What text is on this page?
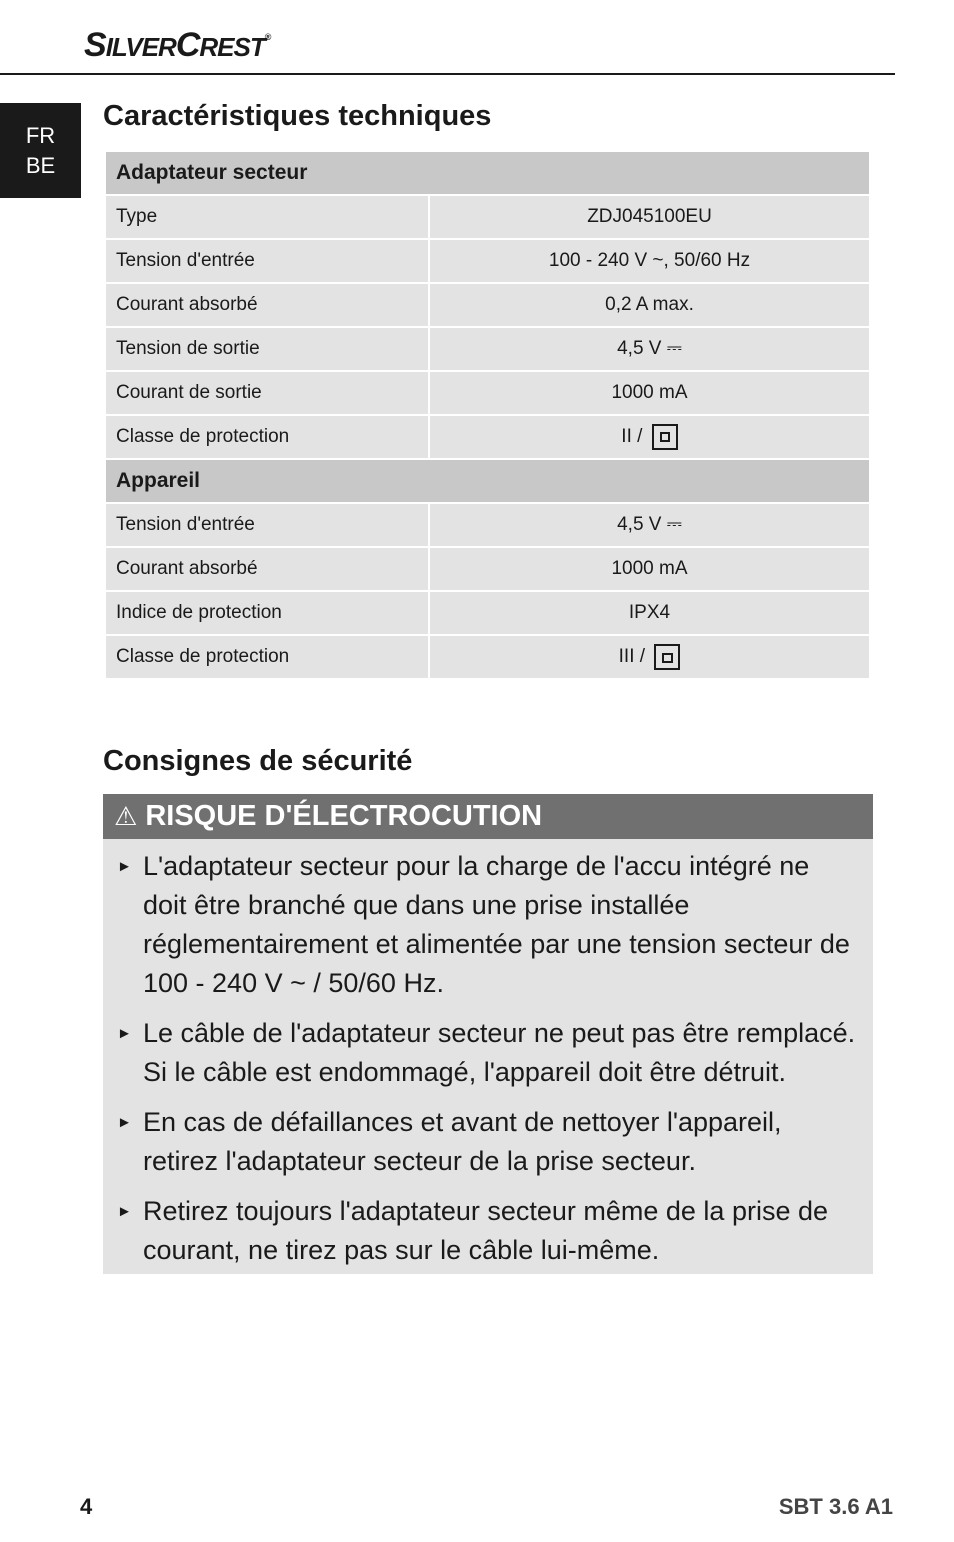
SILVERCREST®
FR
BE
Caractéristiques techniques
Adaptateur secteur	
Type	ZDJ045100EU
Tension d'entrée	100 - 240 V ~, 50/60 Hz
Courant absorbé	0,2 A max.
Tension de sortie	4,5 V ⎓
Courant de sortie	1000 mA
Classe de protection	II /
Appareil	
Tension d'entrée	4,5 V ⎓
Courant absorbé	1000 mA
Indice de protection	IPX4
Classe de protection	III /
Consignes de sécurité
⚠ RISQUE D'ÉLECTROCUTION
► L'adaptateur secteur pour la charge de l'accu intégré ne doit être branché que dans une prise installée réglementairement et alimentée par une tension secteur de 100 - 240 V ~ / 50/60 Hz.
► Le câble de l'adaptateur secteur ne peut pas être remplacé. Si le câble est endommagé, l'appareil doit être détruit.
► En cas de défaillances et avant de nettoyer l'appareil, retirez l'adaptateur secteur de la prise secteur.
► Retirez toujours l'adaptateur secteur même de la prise de courant, ne tirez pas sur le câble lui-même.
4	SBT 3.6 A1
